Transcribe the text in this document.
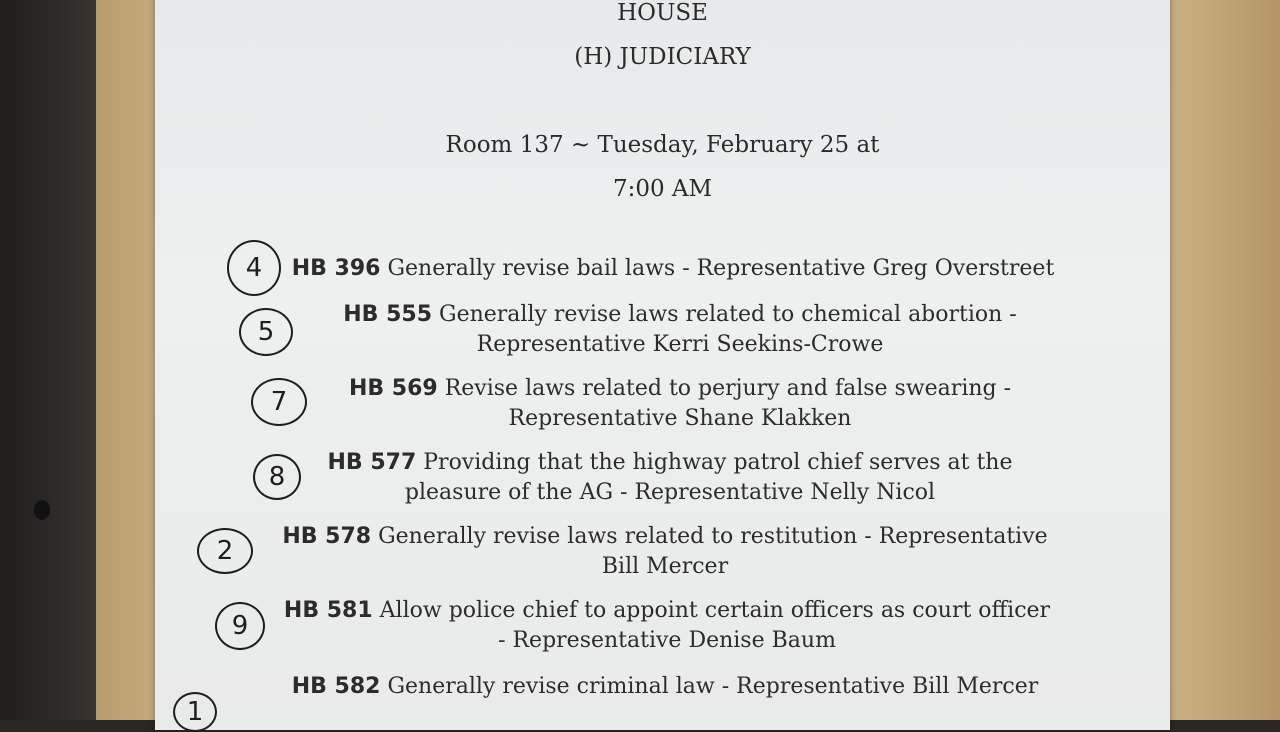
HOUSE
(H) JUDICIARY
Room 137 ~ Tuesday, February 25 at
7:00 AM
4	HB 396 Generally revise bail laws - Representative Greg Overstreet
5
HB 555 Generally revise laws related to chemical abortion -
Representative Kerri Seekins-Crowe
7	HB 569 Revise laws related to perjury and false swearing -
Representative Shane Klakken
8	HB 577 Providing that the highway patrol chief serves at the
pleasure of the AG - Representative Nelly Nicol
2	HB 578 Generally revise laws related to restitution - Representative
Bill Mercer
9
HB 581 Allow police chief to appoint certain officers as court officer
- Representative Denise Baum
1
HB 582 Generally revise criminal law - Representative Bill Mercer
